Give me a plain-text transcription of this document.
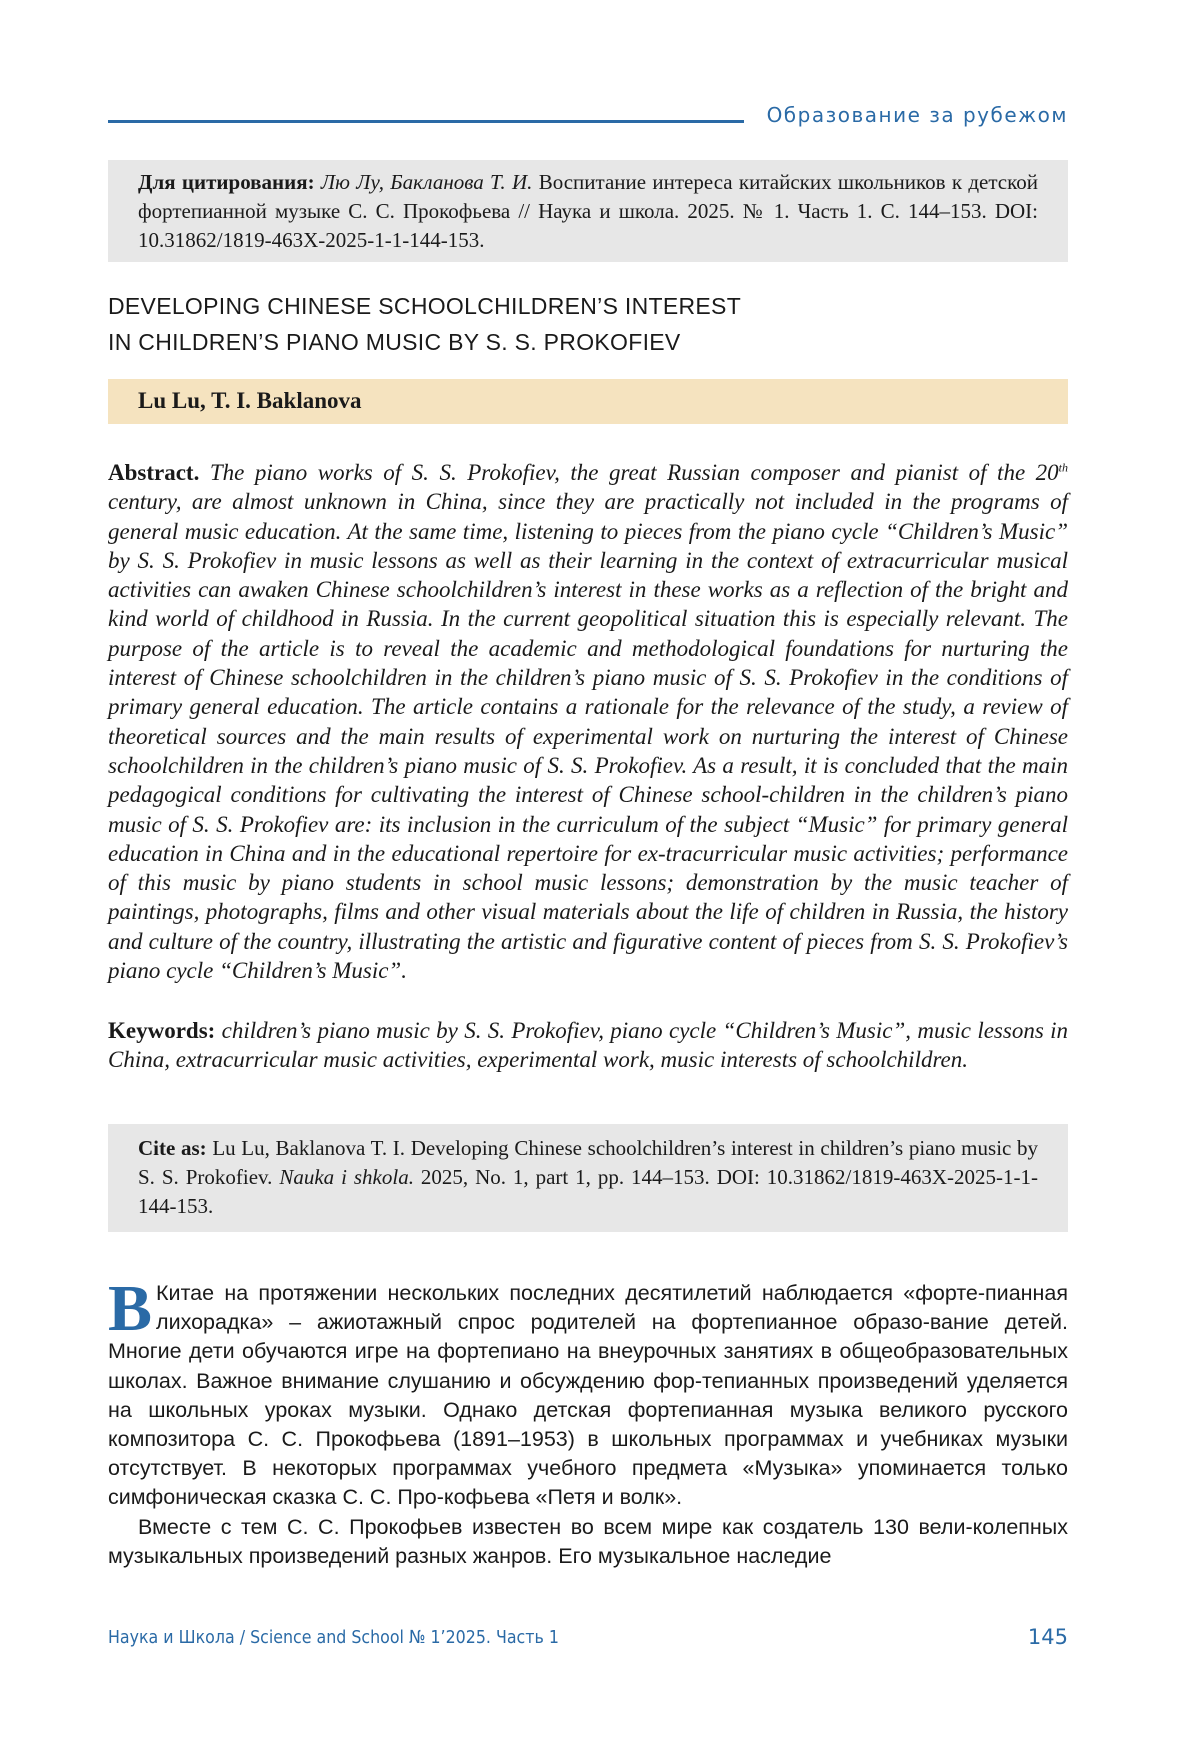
Образование за рубежом
Для цитирования: Лю Лу, Бакланова Т. И. Воспитание интереса китайских школьников к детской фортепианной музыке С. С. Прокофьева // Наука и школа. 2025. № 1. Часть 1. С. 144–153. DOI: 10.31862/1819-463X-2025-1-1-144-153.
DEVELOPING CHINESE SCHOOLCHILDREN’S INTEREST
IN CHILDREN’S PIANO MUSIC BY S. S. PROKOFIEV
Lu Lu, T. I. Baklanova
Abstract. The piano works of S. S. Prokofiev, the great Russian composer and pianist of the 20th century, are almost unknown in China, since they are practically not included in the programs of general music education. At the same time, listening to pieces from the piano cycle “Children’s Music” by S. S. Prokofiev in music lessons as well as their learning in the context of extracurricular musical activities can awaken Chinese schoolchildren’s interest in these works as a reflection of the bright and kind world of childhood in Russia. In the current geopolitical situation this is especially relevant. The purpose of the article is to reveal the academic and methodological foundations for nurturing the interest of Chinese schoolchildren in the children’s piano music of S. S. Prokofiev in the conditions of primary general education. The article contains a rationale for the relevance of the study, a review of theoretical sources and the main results of experimental work on nurturing the interest of Chinese schoolchildren in the children’s piano music of S. S. Prokofiev. As a result, it is concluded that the main pedagogical conditions for cultivating the interest of Chinese school-children in the children’s piano music of S. S. Prokofiev are: its inclusion in the curriculum of the subject “Music” for primary general education in China and in the educational repertoire for ex-tracurricular music activities; performance of this music by piano students in school music lessons; demonstration by the music teacher of paintings, photographs, films and other visual materials about the life of children in Russia, the history and culture of the country, illustrating the artistic and figurative content of pieces from S. S. Prokofiev’s piano cycle “Children’s Music”.
Keywords: children’s piano music by S. S. Prokofiev, piano cycle “Children’s Music”, music lessons in China, extracurricular music activities, experimental work, music interests of schoolchildren.
Cite as: Lu Lu, Baklanova T. I. Developing Chinese schoolchildren’s interest in children’s piano music by S. S. Prokofiev. Nauka i shkola. 2025, No. 1, part 1, pp. 144–153. DOI: 10.31862/1819-463X-2025-1-1-144-153.

В Китае на протяжении нескольких последних десятилетий наблюдается «форте-пианная лихорадка» – ажиотажный спрос родителей на фортепианное образо-вание детей. Многие дети обучаются игре на фортепиано на внеурочных занятиях в общеобразовательных школах. Важное внимание слушанию и обсуждению фор-тепианных произведений уделяется на школьных уроках музыки. Однако детская фортепианная музыка великого русского композитора С. С. Прокофьева (1891–1953) в школьных программах и учебниках музыки отсутствует. В некоторых программах учебного предмета «Музыка» упоминается только симфоническая сказка С. С. Про-кофьева «Петя и волк».

Вместе с тем С. С. Прокофьев известен во всем мире как создатель 130 вели-колепных музыкальных произведений разных жанров. Его музыкальное наследие

Наука и Школа / Science and School № 1’2025. Часть 1	145
